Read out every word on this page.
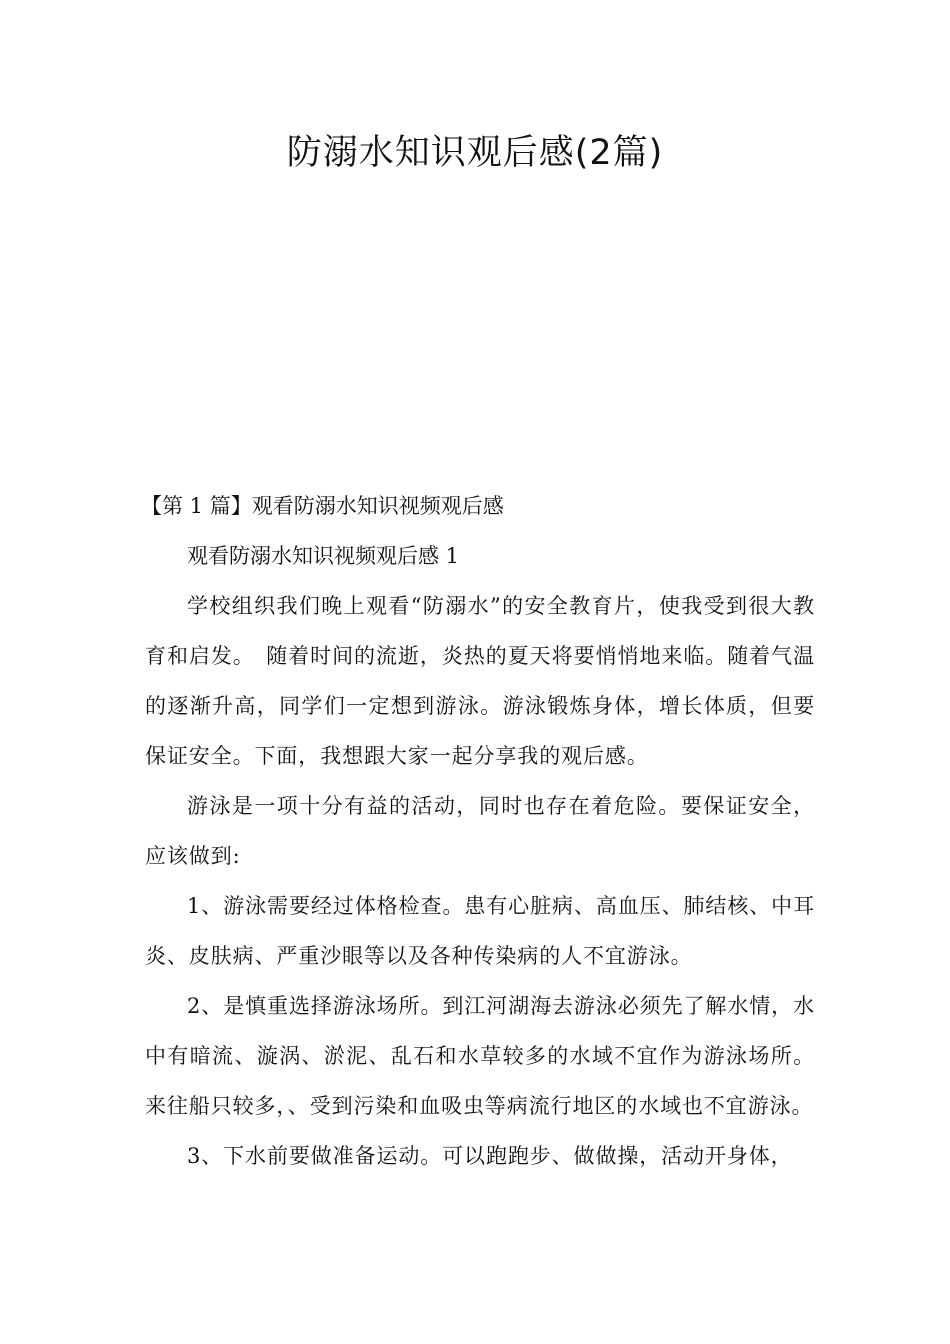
防溺水知识观后感(2篇)

【第 1 篇】观看防溺水知识视频观后感

观看防溺水知识视频观后感 1

学校组织我们晚上观看“防溺水”的安全教育片，使我受到很大教育和启发。　随着时间的流逝，炎热的夏天将要悄悄地来临。随着气温的逐渐升高，同学们一定想到游泳。游泳锻炼身体，增长体质，但要保证安全。下面，我想跟大家一起分享我的观后感。

游泳是一项十分有益的活动，同时也存在着危险。要保证安全，应该做到:

1、游泳需要经过体格检查。患有心脏病、高血压、肺结核、中耳炎、皮肤病、严重沙眼等以及各种传染病的人不宜游泳。

2、是慎重选择游泳场所。到江河湖海去游泳必须先了解水情，水中有暗流、漩涡、淤泥、乱石和水草较多的水域不宜作为游泳场所。来往船只较多，、受到污染和血吸虫等病流行地区的水域也不宜游泳。

3、下水前要做准备运动。可以跑跑步、做做操，活动开身体，
